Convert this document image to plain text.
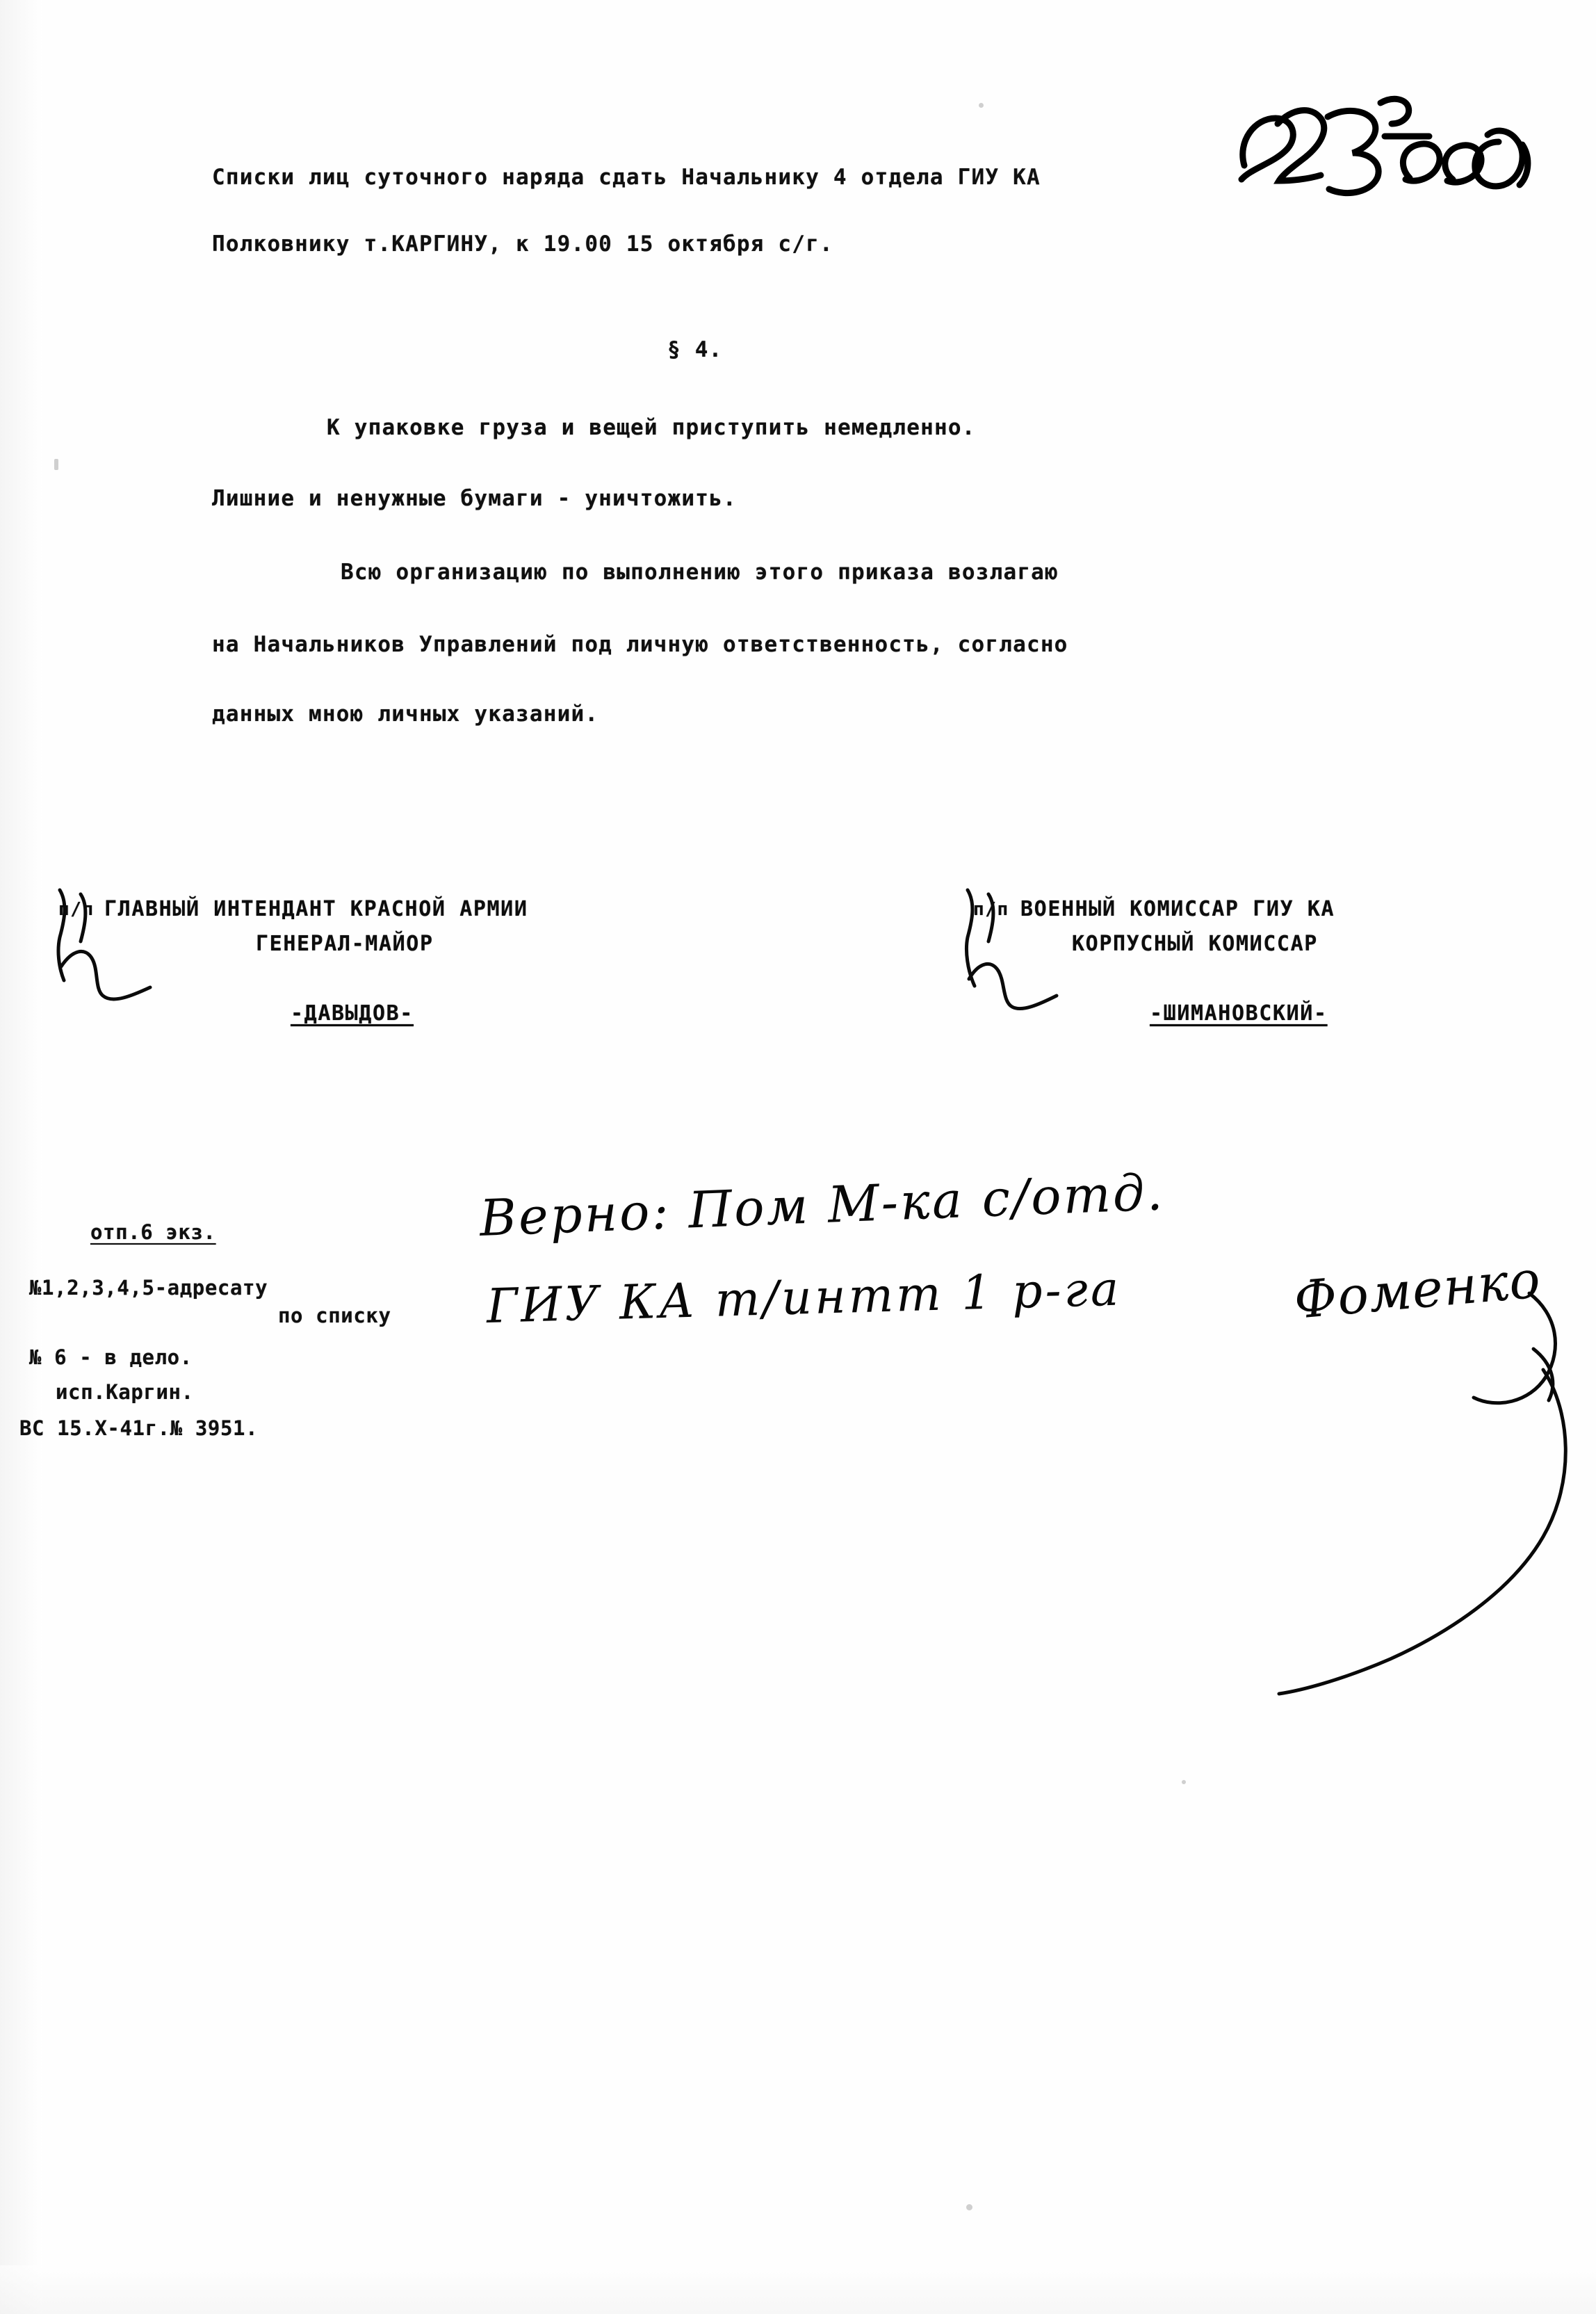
Списки лиц суточного наряда сдать Начальнику 4 отдела ГИУ КА
Полковнику т.КАРГИНУ, к 19.00 15 октября с/г.
§ 4.
К упаковке груза и вещей приступить немедленно.
Лишние и ненужные бумаги - уничтожить.
Всю организацию по выполнению этого приказа возлагаю
на Начальников Управлений под личную ответственность, согласно
данных мною личных указаний.
п/п ГЛАВНЫЙ ИНТЕНДАНТ КРАСНОЙ АРМИИ
ГЕНЕРАЛ-МАЙОР
-ДАВЫДОВ-
п/п ВОЕННЫЙ КОМИССАР ГИУ КА
КОРПУСНЫЙ КОМИССАР
-ШИМАНОВСКИЙ-
отп.6 экз.
№1,2,3,4,5-адресату
по списку
№ 6 - в дело.
исп.Каргин.
ВС 15.X-41г.№ 3951.
Верно: Пом М-ка с/отд.
ГИУ КА т/интт 1 р-га	Фоменко
